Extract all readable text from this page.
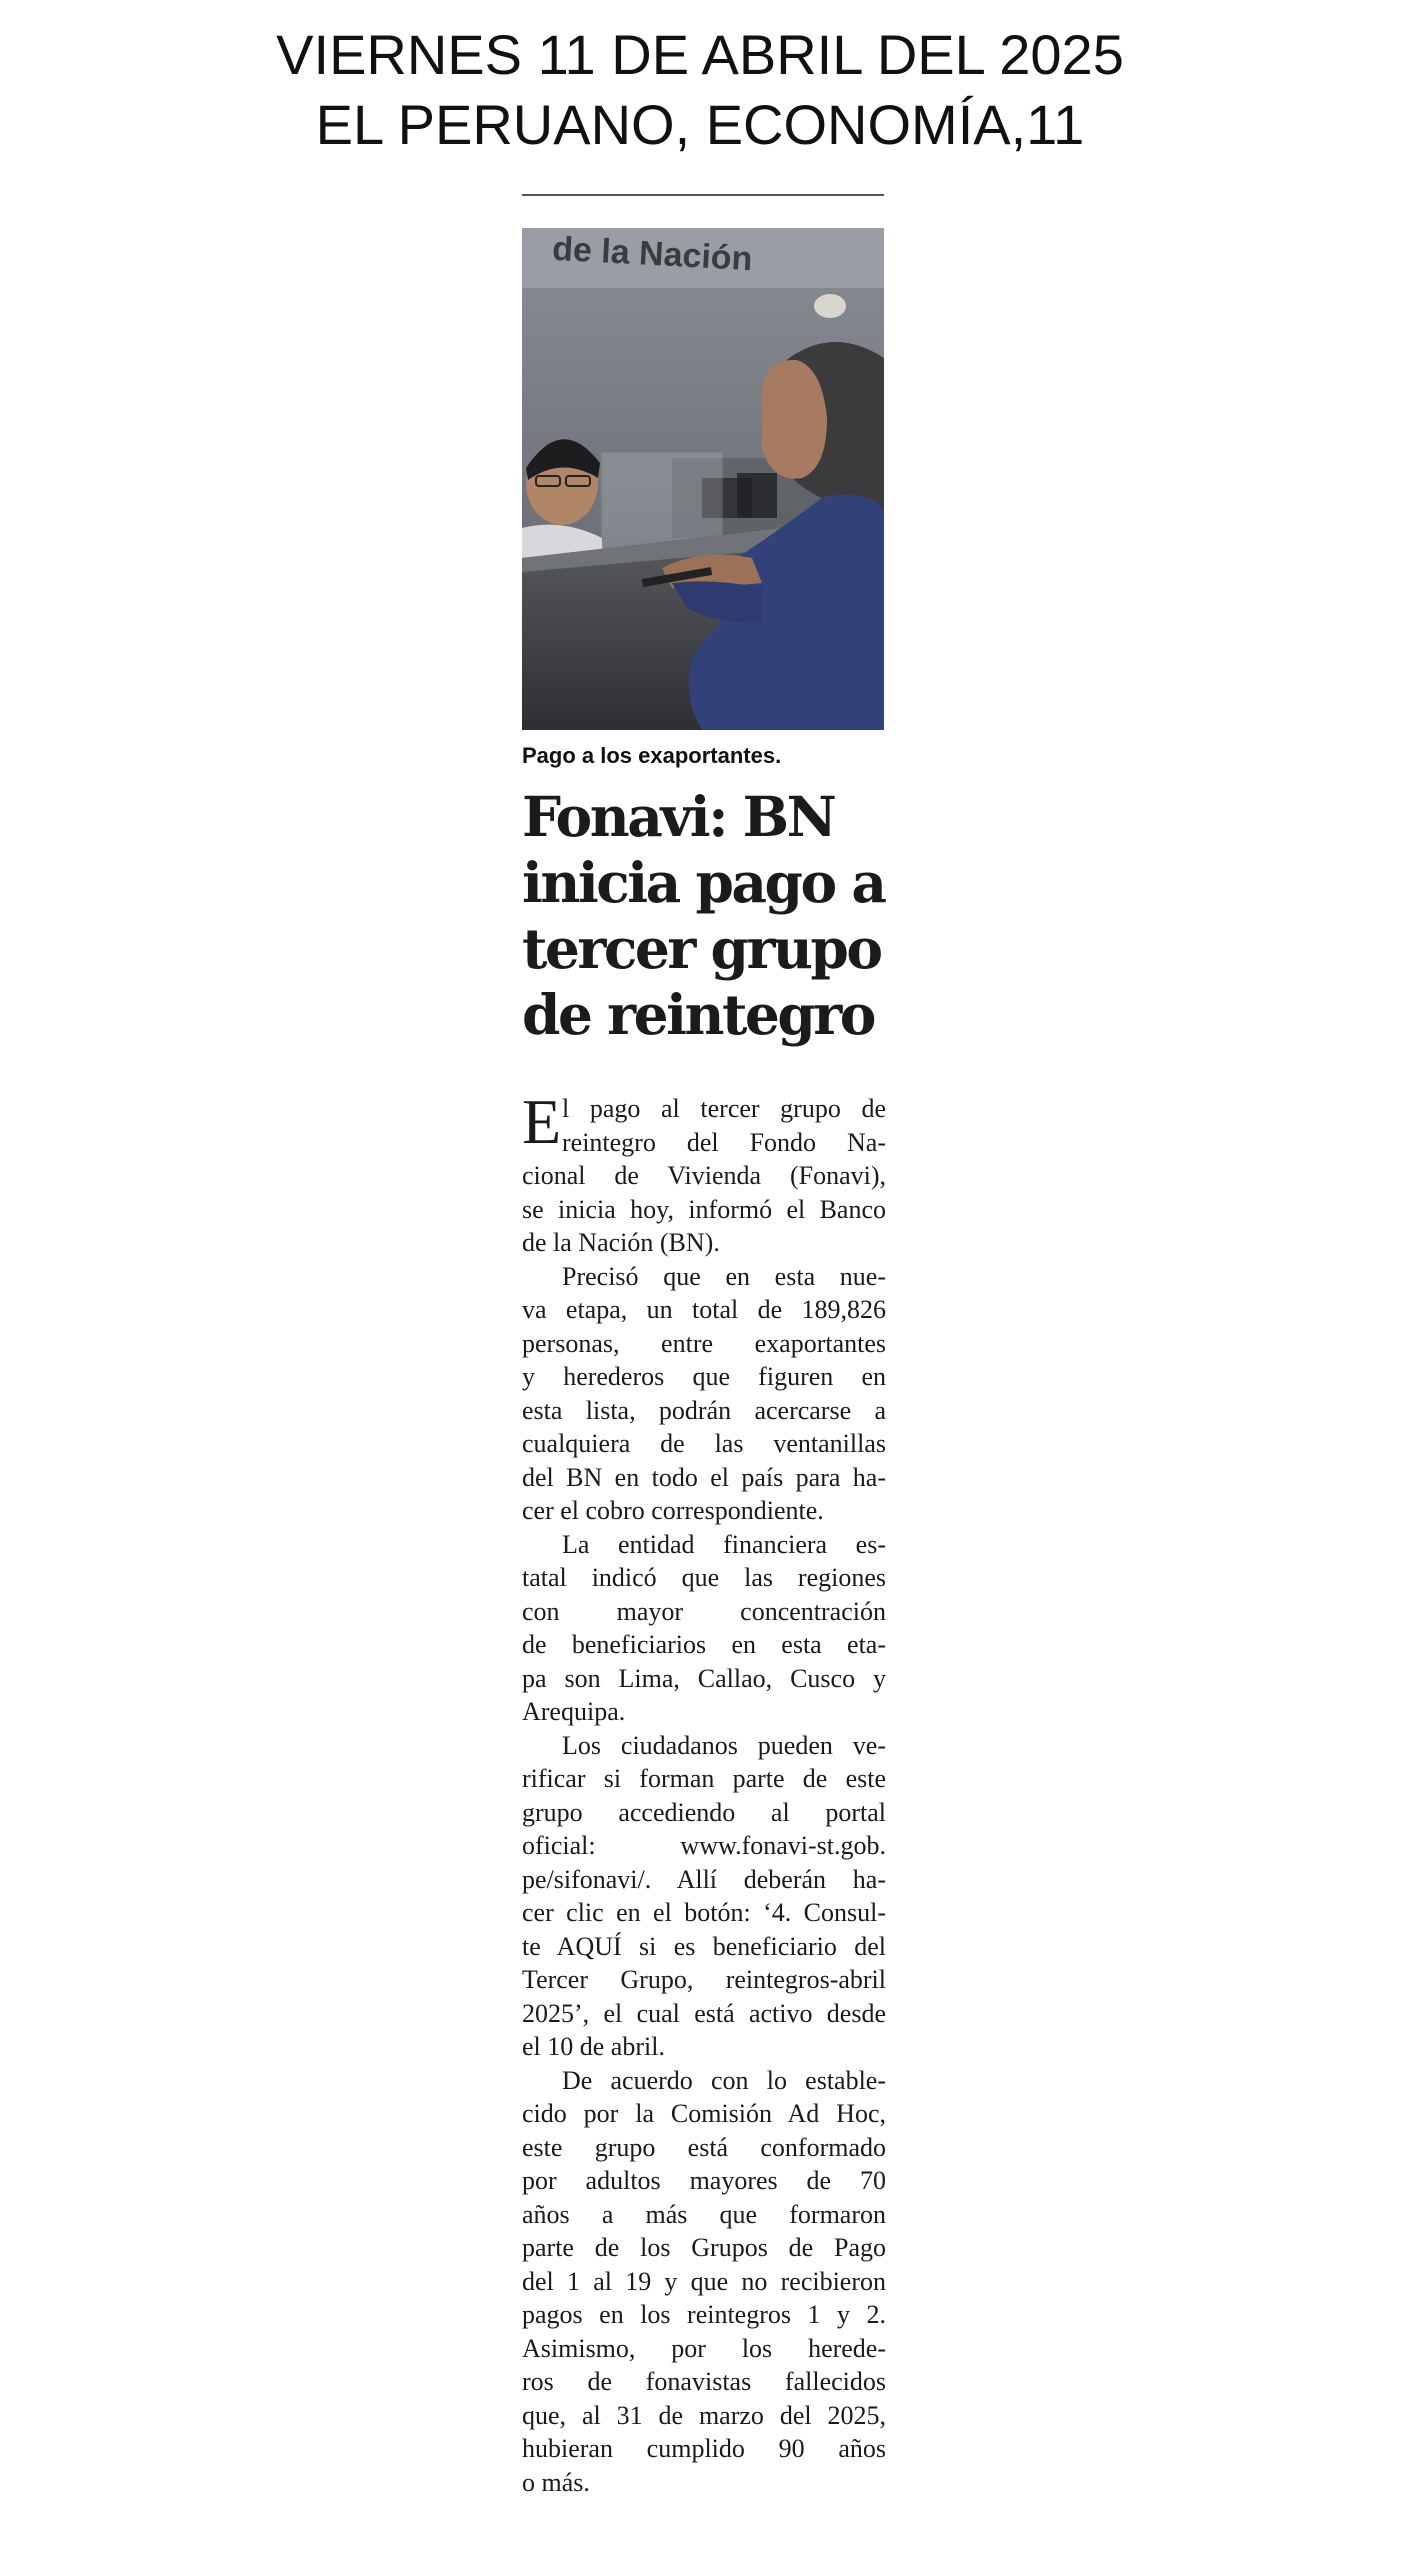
VIERNES 11 DE ABRIL DEL 2025
EL PERUANO, ECONOMÍA,11
de la Nación
Pago a los exaportantes.
Fonavi: BN
inicia pago a
tercer grupo
de reintegro
E l pago al tercer grupo de
reintegro del Fondo Na-
cional de Vivienda (Fonavi),
se inicia hoy, informó el Banco
de la Nación (BN).
Precisó que en esta nue-
va etapa, un total de 189,826
personas, entre exaportantes
y herederos que figuren en
esta lista, podrán acercarse a
cualquiera de las ventanillas
del BN en todo el país para ha-
cer el cobro correspondiente.
La entidad financiera es-
tatal indicó que las regiones
con mayor concentración
de beneficiarios en esta eta-
pa son Lima, Callao, Cusco y
Arequipa.
Los ciudadanos pueden ve-
rificar si forman parte de este
grupo accediendo al portal
oficial: www.fonavi-st.gob.
pe/sifonavi/. Allí deberán ha-
cer clic en el botón: ‘4. Consul-
te AQUÍ si es beneficiario del
Tercer Grupo, reintegros-abril
2025’, el cual está activo desde
el 10 de abril.
De acuerdo con lo estable-
cido por la Comisión Ad Hoc,
este grupo está conformado
por adultos mayores de 70
años a más que formaron
parte de los Grupos de Pago
del 1 al 19 y que no recibieron
pagos en los reintegros 1 y 2.
Asimismo, por los herede-
ros de fonavistas fallecidos
que, al 31 de marzo del 2025,
hubieran cumplido 90 años
o más.
